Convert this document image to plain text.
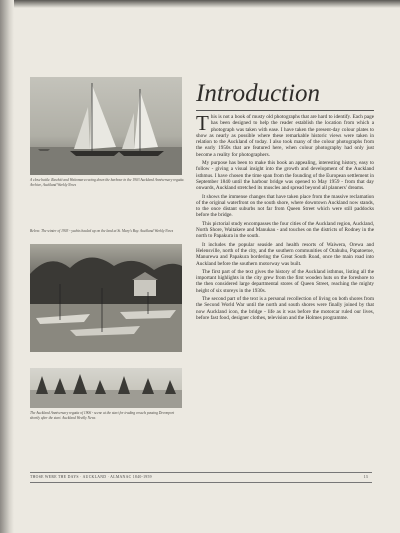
A close battle. Rawhiti and Waitomaru racing down the harbour in the 1903 Auckland Anniversary regatta. Archive, Auckland Weekly News
Below: The winter of 1903 - yachts hauled up on the land at St. Mary's Bay. Auckland Weekly News
The Auckland Anniversary regatta of 1906 - scene at the start for trading vessels passing Devonport shortly after the start. Auckland Weekly News
Introduction

This is not a book of musty old photographs that are hard to identify. Each page has been designed to help the reader establish the location from which a photograph was taken with ease. I have taken the present-day colour plates to show as nearly as possible where these remarkable historic views were taken in relation to the Auckland of today. I also took many of the colour photographs from the early 1950s that are featured here, when colour photography had only just become a reality for photographers.

My purpose has been to make this book an appealing, interesting history, easy to follow - giving a visual insight into the growth and development of the Auckland isthmus. I have chosen the time span from the founding of the European settlement in September 1840 until the harbour bridge was opened to May 1959 - from that day onwards, Auckland stretched its muscles and spread beyond all planners' dreams.

It shows the immense changes that have taken place from the massive reclamation of the original waterfront on the south shore, where downtown Auckland now stands, to the once distant suburbs not far from Queen Street which were still paddocks before the bridge.

This pictorial study encompasses the four cities of the Auckland region, Auckland, North Shore, Waitakere and Manukau - and touches on the districts of Rodney in the north to Papakura in the south.

It includes the popular seaside and health resorts of Waiwera, Orewa and Helensville, north of the city, and the southern communities of Otahuhu, Papatoetoe, Manurewa and Papakura bordering the Great South Road, once the main road into Auckland before the southern motorway was built.

The first part of the text gives the history of the Auckland isthmus, listing all the important highlights in the city grew from the first wooden huts on the foreshore to the then considered large departmental stores of Queen Street, reaching the mighty height of six storeys in the 1930s.

The second part of the text is a personal recollection of living on both shores from the Second World War until the north and south shores were finally joined by that now Auckland icon, the bridge - life as it was before the motorcar ruled our lives, before fast food, designer clothes, television and the Holmes programme.

THOSE WERE THE DAYS · AUCKLAND · ALMANAC 1840-1959	13
